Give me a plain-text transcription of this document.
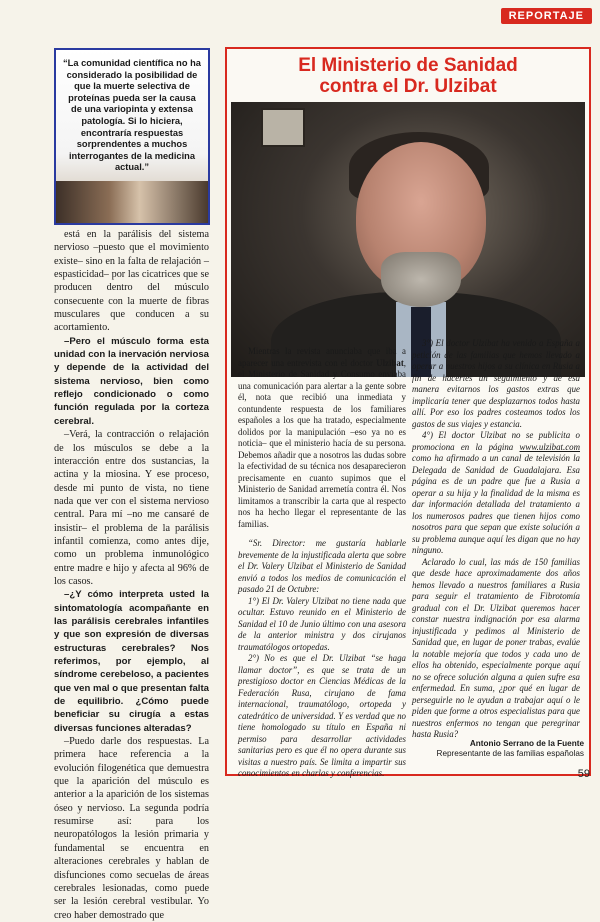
REPORTAJE
“La comunidad científica no ha considerado la posibilidad de que la muerte selectiva de proteínas pueda ser la causa de una variopinta y extensa patología. Si lo hiciera, encontraría respuestas sorprendentes a muchos interrogantes de la medicina actual.”

está en la parálisis del sistema nervioso –puesto que el movimiento existe– sino en la falta de relajación –espasticidad– por las cicatrices que se producen dentro del músculo consecuente con la muerte de fibras musculares que conducen a su acortamiento.

–Pero el músculo forma esta unidad con la inervación nerviosa y depende de la actividad del sistema nervioso, bien como reflejo condicionado o como función regulada por la corteza cerebral.

–Verá, la contracción o relajación de los músculos se debe a la interacción entre dos sustancias, la actina y la miosina. Y ese proceso, desde mi punto de vista, no tiene nada que ver con el sistema nervioso central. Para mí –no me cansaré de insistir– el problema de la parálisis infantil comienza, como antes dije, como un problema inmunológico entre madre e hijo y afecta al 96% de los casos.

–¿Y cómo interpreta usted la sintomatología acompañante en las parálisis cerebrales infantiles y que son expresión de diversas estructuras cerebrales? Nos referimos, por ejemplo, al síndrome cerebeloso, a pacientes que ven mal o que presentan falta de equilibrio. ¿Cómo puede beneficiar su cirugía a estas diversas funciones alteradas?

–Puedo darle dos respuestas. La primera hace referencia a la evolución filogenética que demuestra que la aparición del músculo es anterior a la aparición de los sistemas óseo y nervioso. La segunda podría resumirse así: para los neuropatólogos la lesión primaria y fundamental se encuentra en alteraciones cerebrales y hablan de disfunciones como secuelas de áreas cerebrales lesionadas, como puede ser la lesión cerebral vestibular. Yo creo haber demostrado que

El Ministerio de Sanidad
contra el Dr. Ulzibat

Mientras la revista anunciaba que iba a aparecer una entrevista con el doctor Ulzibat, el Ministerio de Sanidad y Consumo enviaba una comunicación para alertar a la gente sobre él, nota que recibió una inmediata y contundente respuesta de los familiares españoles a los que ha tratado, especialmente dolidos por la manipulación –eso ya no es noticia– que el ministerio hacía de su persona. Debemos añadir que a nosotros las dudas sobre la efectividad de su técnica nos desaparecieron precisamente en cuanto supimos que el Ministerio de Sanidad arremetía contra él. Nos limitamos a transcribir la carta que al respecto nos ha hecho llegar el representante de las familias.

“Sr. Director: me gustaría hablarle brevemente de la injustificada alerta que sobre el Dr. Valery Ulzibat el Ministerio de Sanidad envió a todos los medios de comunicación el pasado 21 de Octubre:

1°) El Dr. Valery Ulzibat no tiene nada que ocultar. Estuvo reunido en el Ministerio de Sanidad el 10 de Junio último con una asesora de la anterior ministra y dos cirujanos traumatólogos ortopedas.

2°) No es que el Dr. Ulzibat “se haga llamar doctor”, es que se trata de un prestigioso doctor en Ciencias Médicas de la Federación Rusa, cirujano de fama internacional, traumatólogo, ortopeda y catedrático de universidad. Y es verdad que no tiene homologado su título en España ni permiso para desarrollar actividades sanitarias pero es que él no opera durante sus visitas a nuestro país. Se limita a impartir sus conocimientos en charlas y conferencias.

3°) El doctor Ulzibat ha venido a España a petición de las familias que hemos llevado a operar a nuestros hijos a su clínica en Rusia a fin de hacerles un seguimiento y de esa manera evitarnos los gastos extras que implicaría tener que desplazarnos todos hasta allí. Por eso los padres costeamos todos los gastos de sus viajes y estancia.

4°) El doctor Ulzibat no se publicita o promociona en la página www.ulzibat.com como ha afirmado a un canal de televisión la Delegada de Sanidad de Guadalajara. Esa página es de un padre que fue a Rusia a operar a su hija y la finalidad de la misma es dar información detallada del tratamiento a los numerosos padres que tienen hijos como nosotros para que sepan que existe solución a su problema aunque aquí les digan que no hay ninguno.

Aclarado lo cual, las más de 150 familias que desde hace aproximadamente dos años hemos llevado a nuestros familiares a Rusia para seguir el tratamiento de Fibrotomía gradual con el Dr. Ulzibat queremos hacer constar nuestra indignación por esa alarma injustificada y pedimos al Ministerio de Sanidad que, en lugar de poner trabas, evalúe la notable mejoría que todos y cada uno de ellos ha obtenido, especialmente porque aquí no se ofrece solución alguna a quien sufre esa enfermedad. En suma, ¿por qué en lugar de perseguirle no le ayudan a trabajar aquí o le piden que forme a otros especialistas para que nuestros enfermos no tengan que peregrinar hasta Rusia?

Antonio Serrano de la Fuente
Representante de las familias españolas
59
